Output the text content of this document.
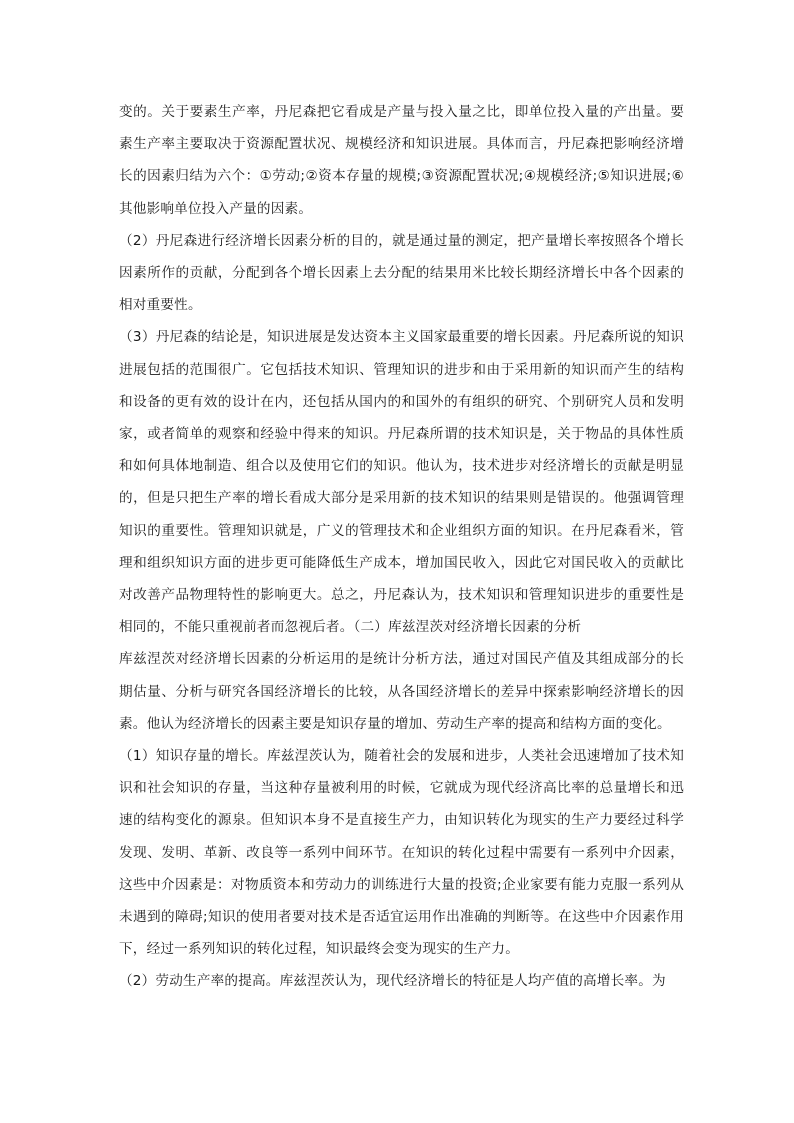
变的。关于要素生产率，丹尼森把它看成是产量与投入量之比，即单位投入量的产出量。要素生产率主要取决于资源配置状况、规模经济和知识进展。具体而言，丹尼森把影响经济增长的因素归结为六个：①劳动;②资本存量的规模;③资源配置状况;④规模经济;⑤知识进展;⑥其他影响单位投入产量的因素。

（2）丹尼森进行经济增长因素分析的目的，就是通过量的测定，把产量增长率按照各个增长因素所作的贡献，分配到各个增长因素上去分配的结果用米比较长期经济增长中各个因素的相对重要性。

（3）丹尼森的结论是，知识进展是发达资本主义国家最重要的增长因素。丹尼森所说的知识进展包括的范围很广。它包括技术知识、管理知识的进步和由于采用新的知识而产生的结构和设备的更有效的设计在内，还包括从国内的和国外的有组织的研究、个别研究人员和发明家，或者简单的观察和经验中得来的知识。丹尼森所谓的技术知识是，关于物品的具体性质和如何具体地制造、组合以及使用它们的知识。他认为，技术进步对经济增长的贡献是明显的，但是只把生产率的增长看成大部分是采用新的技术知识的结果则是错误的。他强调管理知识的重要性。管理知识就是，广义的管理技术和企业组织方面的知识。在丹尼森看米，管理和组织知识方面的进步更可能降低生产成本，增加国民收入，因此它对国民收入的贡献比对改善产品物理特性的影响更大。总之，丹尼森认为，技术知识和管理知识进步的重要性是相同的，不能只重视前者而忽视后者。（二）库兹涅茨对经济增长因素的分析

库兹涅茨对经济增长因素的分析运用的是统计分析方法，通过对国民产值及其组成部分的长期估量、分析与研究各国经济增长的比较，从各国经济增长的差异中探索影响经济增长的因素。他认为经济增长的因素主要是知识存量的增加、劳动生产率的提高和结构方面的变化。

（1）知识存量的增长。库兹涅茨认为，随着社会的发展和进步，人类社会迅速增加了技术知识和社会知识的存量，当这种存量被利用的时候，它就成为现代经济高比率的总量增长和迅速的结构变化的源泉。但知识本身不是直接生产力，由知识转化为现实的生产力要经过科学发现、发明、革新、改良等一系列中间环节。在知识的转化过程中需要有一系列中介因素，这些中介因素是：对物质资本和劳动力的训练进行大量的投资;企业家要有能力克服一系列从未遇到的障碍;知识的使用者要对技术是否适宜运用作出准确的判断等。在这些中介因素作用下，经过一系列知识的转化过程，知识最终会变为现实的生产力。

（2）劳动生产率的提高。库兹涅茨认为，现代经济增长的特征是人均产值的高增长率。为
